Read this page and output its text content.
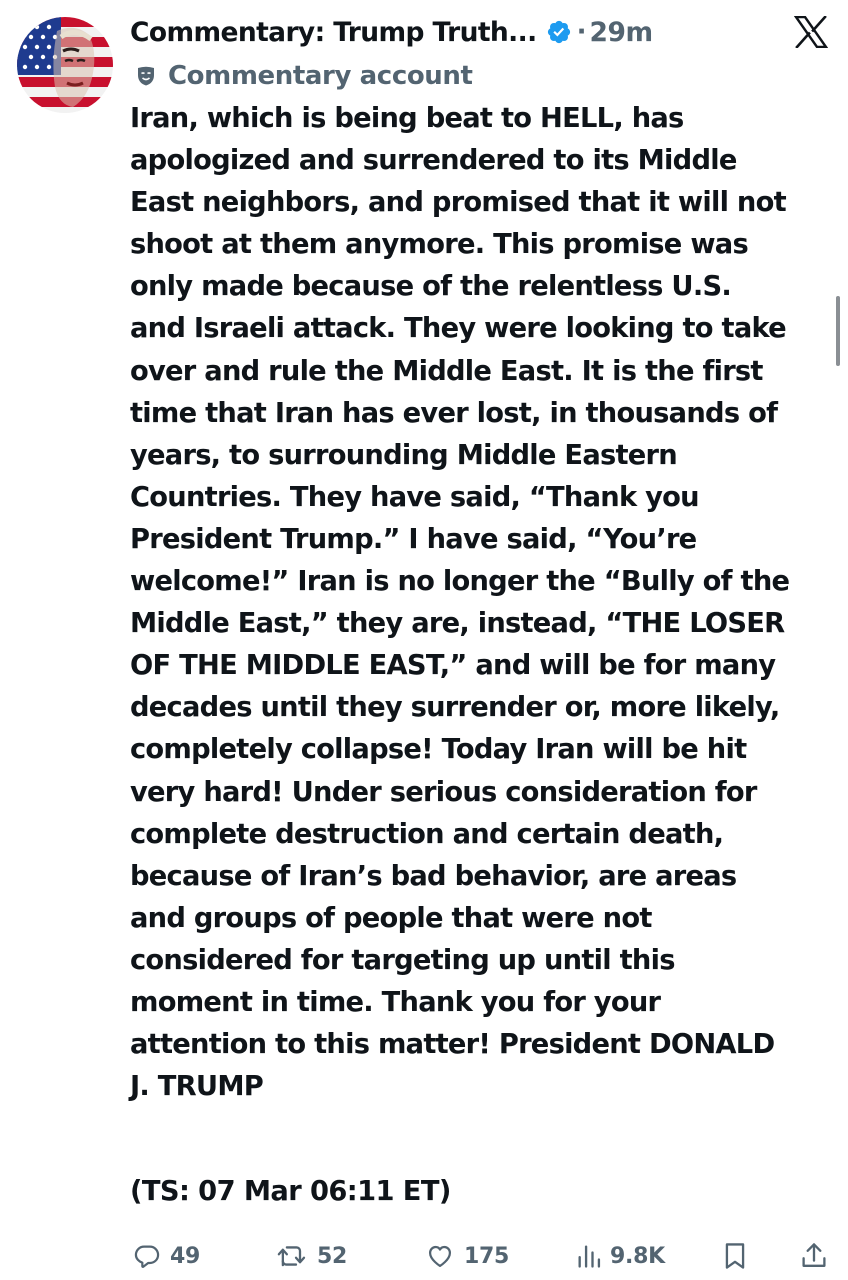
Commentary: Trump Truth... · 29m
Commentary account
Iran, which is being beat to HELL, has
apologized and surrendered to its Middle
East neighbors, and promised that it will not
shoot at them anymore. This promise was
only made because of the relentless U.S.
and Israeli attack. They were looking to take
over and rule the Middle East. It is the first
time that Iran has ever lost, in thousands of
years, to surrounding Middle Eastern
Countries. They have said, “Thank you
President Trump.” I have said, “You’re
welcome!” Iran is no longer the “Bully of the
Middle East,” they are, instead, “THE LOSER
OF THE MIDDLE EAST,” and will be for many
decades until they surrender or, more likely,
completely collapse! Today Iran will be hit
very hard! Under serious consideration for
complete destruction and certain death,
because of Iran’s bad behavior, are areas
and groups of people that were not
considered for targeting up until this
moment in time. Thank you for your
attention to this matter! President DONALD
J. TRUMP
(TS: 07 Mar 06:11 ET)
49	52	175	9.8K
